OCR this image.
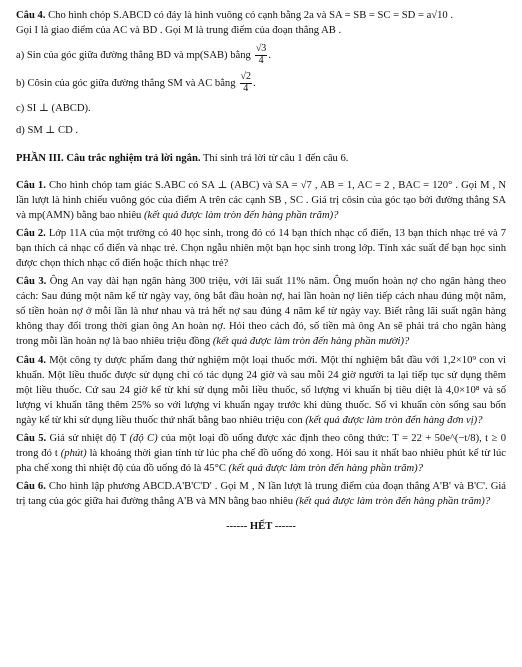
Câu 4. Cho hình chóp S.ABCD có đáy là hình vuông có cạnh bằng 2a và SA = SB = SC = SD = a√10 .
Gọi I là giao điểm của AC và BD . Gọi M là trung điểm của đoạn thẳng AB .

a) Sin của góc giữa đường thẳng BD và mp(SAB) bằng $\frac{√3}{4}$ .
b) Côsin của góc giữa đường thẳng SM và AC bằng $\frac{√2}{4}$ .
c) SI ⊥ (ABCD).
d) SM ⊥ CD .

PHẦN III. Câu trắc nghiệm trả lời ngắn. Thí sinh trả lời từ câu 1 đến câu 6.

Câu 1. Cho hình chóp tam giác S.ABC có SA ⊥ (ABC) và SA = √7 , AB = 1, AC = 2 , BAC = 120° . Gọi M , N lần lượt là hình chiếu vuông góc của điểm A trên các cạnh SB , SC . Giá trị côsin của góc tạo bởi đường thẳng SA và mp(AMN) bằng bao nhiêu (kết quả được làm tròn đến hàng phần trăm)?

Câu 2. Lớp 11A của một trường có 40 học sinh, trong đó có 14 bạn thích nhạc cổ điển, 13 bạn thích nhạc trẻ và 7 bạn thích cả nhạc cổ điển và nhạc trẻ. Chọn ngẫu nhiên một bạn học sinh trong lớp. Tính xác suất để bạn học sinh được chọn thích nhạc cổ điển hoặc thích nhạc trẻ?

Câu 3. Ông An vay dài hạn ngân hàng 300 triệu, với lãi suất 11% năm. Ông muốn hoàn nợ cho ngân hàng theo cách: Sau đúng một năm kể từ ngày vay, ông bắt đầu hoàn nợ, hai lần hoàn nợ liên tiếp cách nhau đúng một năm, số tiền hoàn nợ ở mỗi lần là như nhau và trả hết nợ sau đúng 4 năm kể từ ngày vay. Biết rằng lãi suất ngân hàng không thay đổi trong thời gian ông An hoàn nợ. Hỏi theo cách đó, số tiền mà ông An sẽ phải trả cho ngân hàng trong mỗi lần hoàn nợ là bao nhiêu triệu đồng (kết quả được làm tròn đến hàng phần mười)?

Câu 4. Một công ty dược phẩm đang thử nghiệm một loại thuốc mới. Một thí nghiệm bắt đầu với 1,2×10⁹ con vi khuẩn. Một liều thuốc được sử dụng chỉ có tác dụng 24 giờ và sau mỗi 24 giờ người ta lại tiếp tục sử dụng thêm một liều thuốc. Cứ sau 24 giờ kể từ khi sử dụng mỗi liều thuốc, số lượng vi khuẩn bị tiêu diệt là 4,0×10⁸ và số lượng vi khuẩn tăng thêm 25% so với lượng vi khuẩn ngay trước khi dùng thuốc. Số vi khuẩn còn sống sau bốn ngày kể từ khi sử dụng liều thuốc thứ nhất bằng bao nhiêu triệu con (kết quả được làm tròn đến hàng đơn vị)?

Câu 5. Giả sử nhiệt độ T (độ C) của một loại đồ uống được xác định theo công thức: T = 22 + 50e^(−t/8), t ≥ 0 trong đó t (phút) là khoảng thời gian tính từ lúc pha chế đồ uống đó xong. Hỏi sau ít nhất bao nhiêu phút kể từ lúc pha chế xong thì nhiệt độ của đồ uống đó là 45°C (kết quả được làm tròn đến hàng phần trăm)?

Câu 6. Cho hình lập phương ABCD.A'B'C'D' . Gọi M , N lần lượt là trung điểm của đoạn thẳng A'B' và B'C'. Giá trị tang của góc giữa hai đường thẳng A'B và MN bằng bao nhiêu (kết quả được làm tròn đến hàng phần trăm)?

------ HẾT ------
